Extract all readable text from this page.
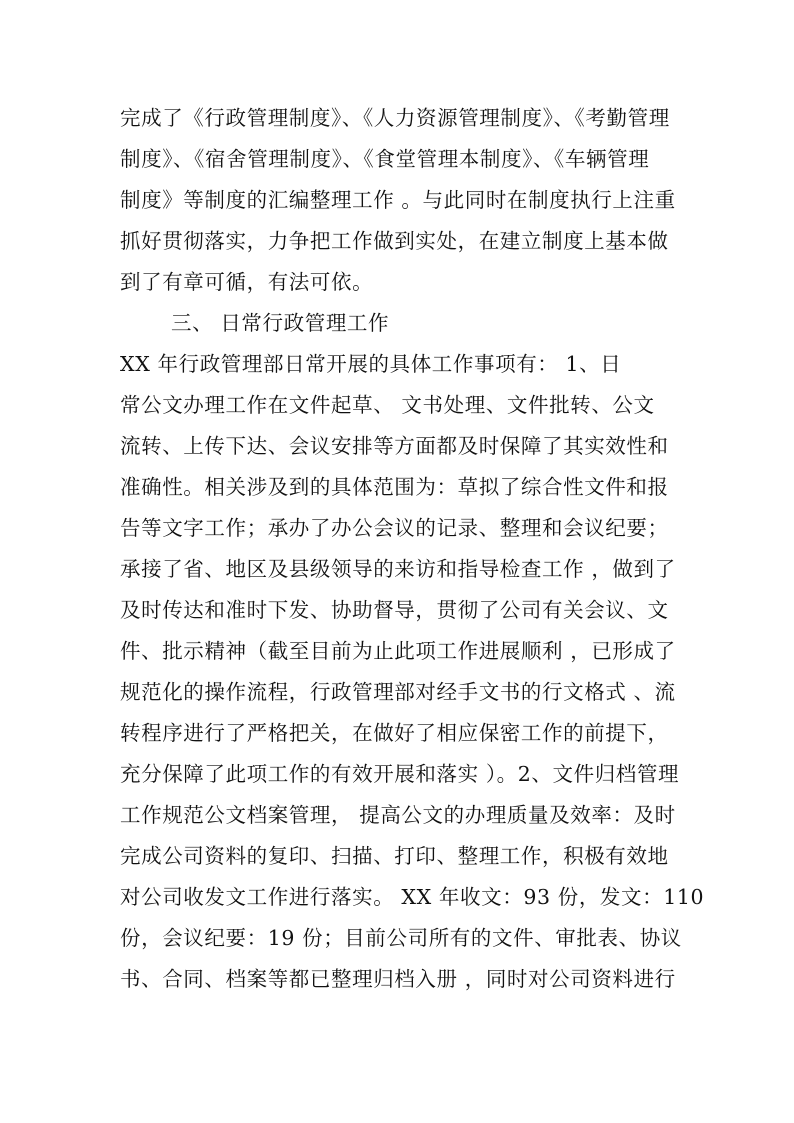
完成了《行政管理制度》、《人力资源管理制度》、《考勤管理
制度》、《宿舍管理制度》、《食堂管理本制度》、《车辆管理
制度》等制度的汇编整理工作 。与此同时在制度执行上注重
抓好贯彻落实，力争把工作做到实处，在建立制度上基本做
到了有章可循，有法可依。
三、 日常行政管理工作
XX 年行政管理部日常开展的具体工作事项有： 1、日
常公文办理工作在文件起草、 文书处理、文件批转、公文
流转、上传下达、会议安排等方面都及时保障了其实效性和
准确性。相关涉及到的具体范围为：草拟了综合性文件和报
告等文字工作；承办了办公会议的记录、整理和会议纪要；
承接了省、地区及县级领导的来访和指导检查工作 ，做到了
及时传达和准时下发、协助督导，贯彻了公司有关会议、文
件、批示精神（截至目前为止此项工作进展顺利 ，已形成了
规范化的操作流程，行政管理部对经手文书的行文格式 、流
转程序进行了严格把关，在做好了相应保密工作的前提下，
充分保障了此项工作的有效开展和落实 ）。2、文件归档管理
工作规范公文档案管理， 提高公文的办理质量及效率：及时
完成公司资料的复印、扫描、打印、整理工作，积极有效地
对公司收发文工作进行落实。 XX 年收文：93 份，发文：110
份，会议纪要：19 份；目前公司所有的文件、审批表、协议
书、合同、档案等都已整理归档入册 ，同时对公司资料进行
